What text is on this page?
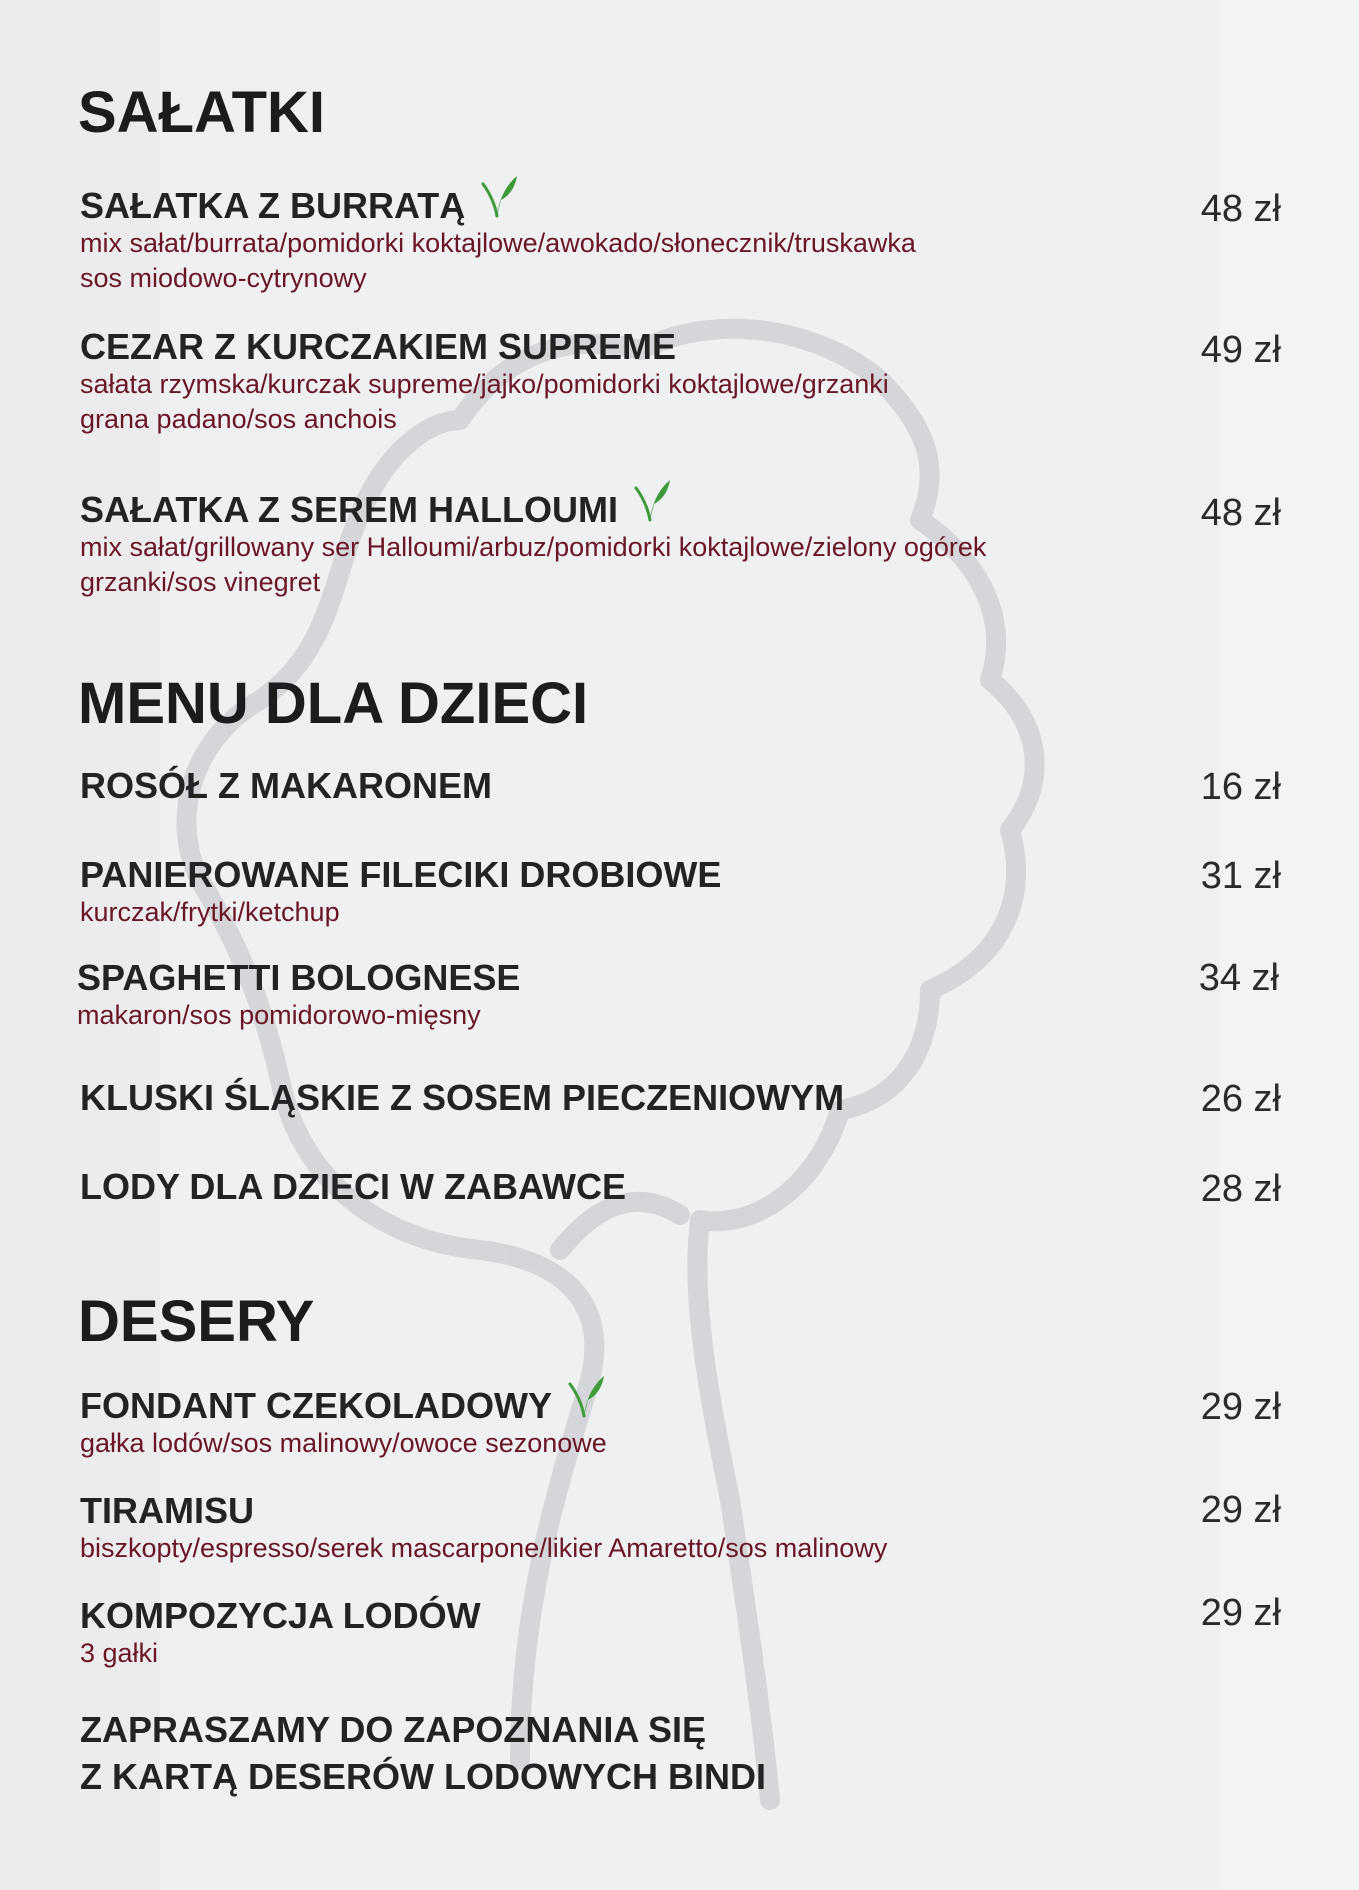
SAŁATKI
SAŁATKA Z BURRATĄ
mix sałat/burrata/pomidorki koktajlowe/awokado/słonecznik/truskawka
sos miodowo-cytrynowy
48 zł
CEZAR Z KURCZAKIEM SUPREME
sałata rzymska/kurczak supreme/jajko/pomidorki koktajlowe/grzanki
grana padano/sos anchois
49 zł
SAŁATKA Z SEREM HALLOUMI
mix sałat/grillowany ser Halloumi/arbuz/pomidorki koktajlowe/zielony ogórek
grzanki/sos vinegret
48 zł
MENU DLA DZIECI
ROSÓŁ Z MAKARONEM	16 zł
PANIEROWANE FILECIKI DROBIOWE
kurczak/frytki/ketchup
31 zł
SPAGHETTI BOLOGNESE
makaron/sos pomidorowo-mięsny
34 zł
KLUSKI ŚLĄSKIE Z SOSEM PIECZENIOWYM	26 zł
LODY DLA DZIECI W ZABAWCE	28 zł
DESERY
FONDANT CZEKOLADOWY
gałka lodów/sos malinowy/owoce sezonowe
29 zł
TIRAMISU
biszkopty/espresso/serek mascarpone/likier Amaretto/sos malinowy
29 zł
KOMPOZYCJA LODÓW
3 gałki
29 zł
ZAPRASZAMY DO ZAPOZNANIA SIĘ
Z KARTĄ DESERÓW LODOWYCH BINDI
